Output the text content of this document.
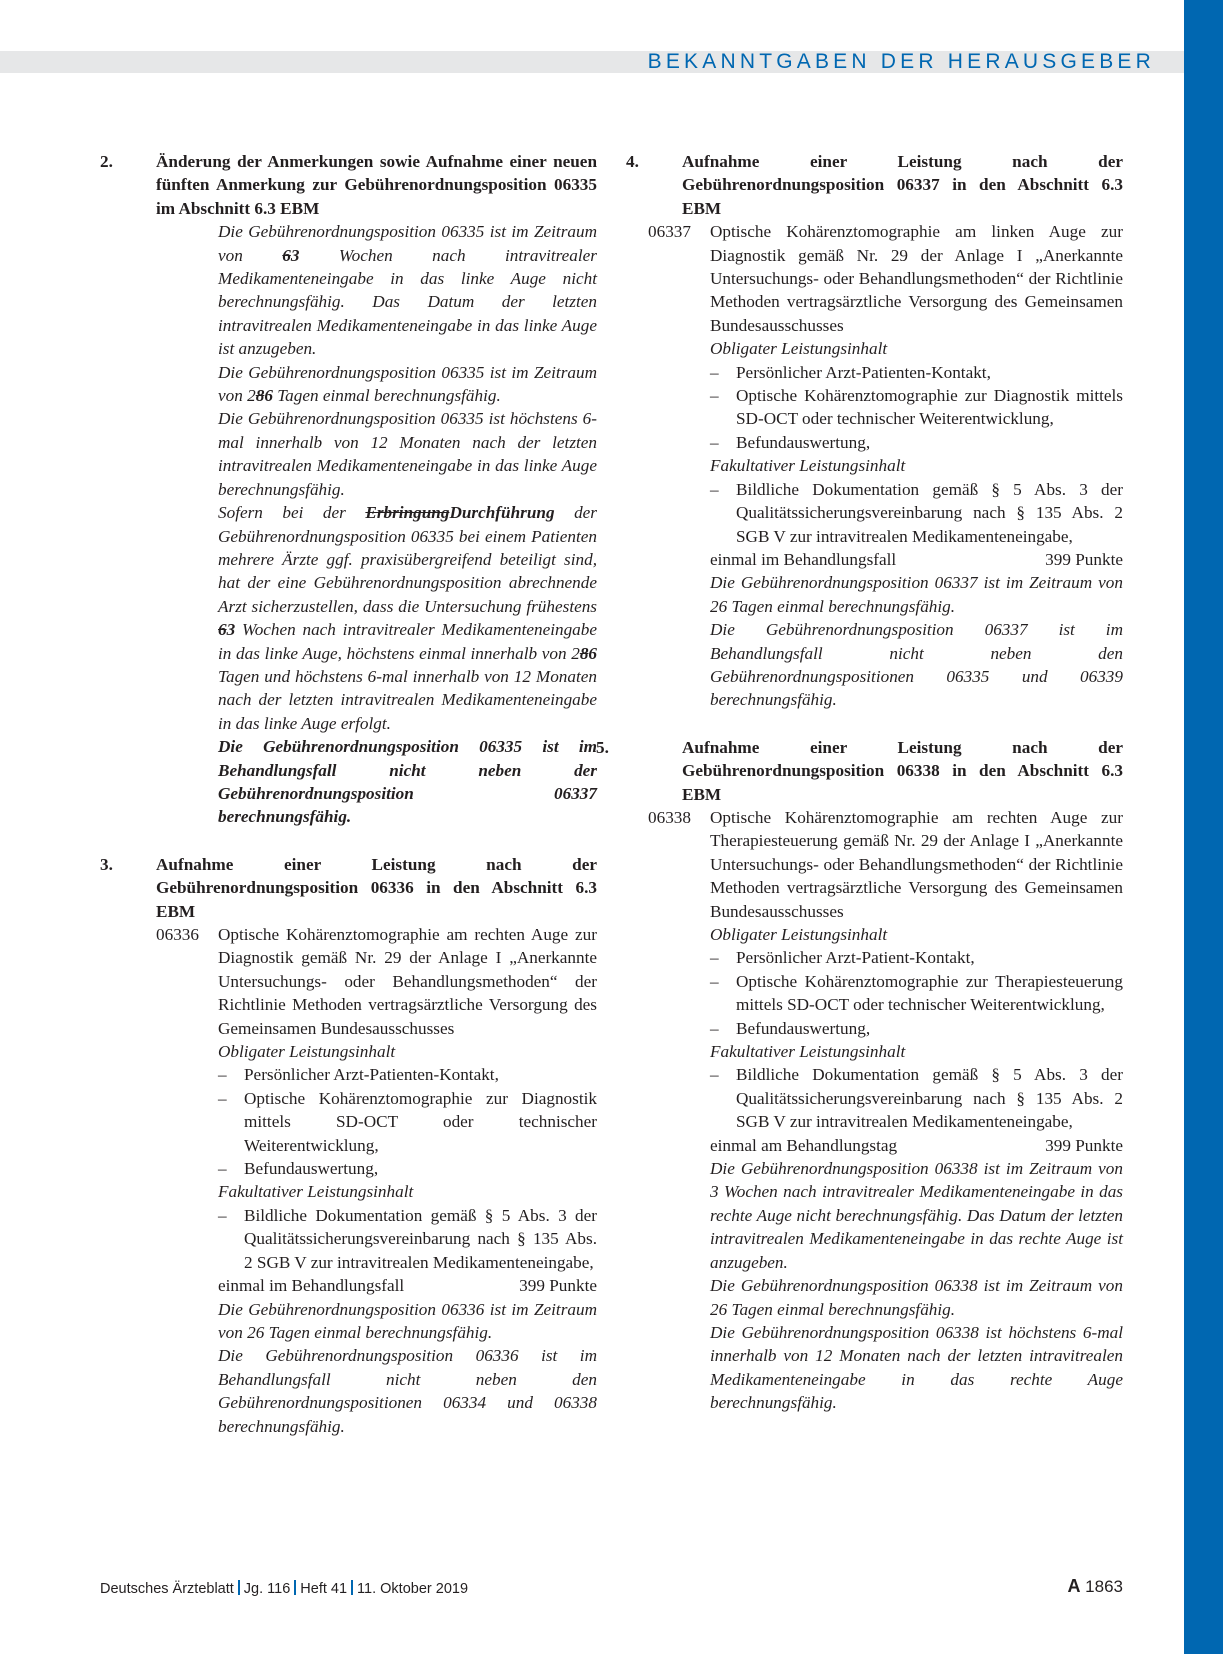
BEKANNTGABEN DER HERAUSGEBER
2.	Änderung der Anmerkungen sowie Aufnahme einer neuen fünften Anmerkung zur Gebührenordnungsposition 06335 im Abschnitt 6.3 EBM
Die Gebührenordnungsposition 06335 ist im Zeitraum von 63 Wochen nach intravitrealer Medikamenteneingabe in das linke Auge nicht berechnungsfähig. Das Datum der letzten intravitrealen Medikamenteneingabe in das linke Auge ist anzugeben.
Die Gebührenordnungsposition 06335 ist im Zeitraum von 286 Tagen einmal berechnungsfähig.
Die Gebührenordnungsposition 06335 ist höchstens 6-mal innerhalb von 12 Monaten nach der letzten intravitrealen Medikamenteneingabe in das linke Auge berechnungsfähig.
Sofern bei der ErbringungDurchführung der Gebührenordnungsposition 06335 bei einem Patienten mehrere Ärzte ggf. praxisübergreifend beteiligt sind, hat der eine Gebührenordnungsposition abrechnende Arzt sicherzustellen, dass die Untersuchung frühestens 63 Wochen nach intravitrealer Medikamenteneingabe in das linke Auge, höchstens einmal innerhalb von 286 Tagen und höchstens 6-mal innerhalb von 12 Monaten nach der letzten intravitrealen Medikamenteneingabe in das linke Auge erfolgt.
Die Gebührenordnungsposition 06335 ist im Behandlungsfall nicht neben der Gebührenordnungsposition 06337 berechnungsfähig.
3.	Aufnahme einer Leistung nach der Gebührenordnungsposition 06336 in den Abschnitt 6.3 EBM
06336 Optische Kohärenztomographie am rechten Auge zur Diagnostik gemäß Nr. 29 der Anlage I „Anerkannte Untersuchungs- oder Behandlungsmethoden“ der Richtlinie Methoden vertragsärztliche Versorgung des Gemeinsamen Bundesausschusses
Obligater Leistungsinhalt
– Persönlicher Arzt-Patienten-Kontakt,
– Optische Kohärenztomographie zur Diagnostik mittels SD-OCT oder technischer Weiterentwicklung,
– Befundauswertung,
Fakultativer Leistungsinhalt
– Bildliche Dokumentation gemäß § 5 Abs. 3 der Qualitätssicherungsvereinbarung nach § 135 Abs. 2 SGB V zur intravitrealen Medikamenteneingabe,
einmal im Behandlungsfall	399 Punkte
Die Gebührenordnungsposition 06336 ist im Zeitraum von 26 Tagen einmal berechnungsfähig.
Die Gebührenordnungsposition 06336 ist im Behandlungsfall nicht neben den Gebührenordnungspositionen 06334 und 06338 berechnungsfähig.
4.	Aufnahme einer Leistung nach der Gebührenordnungsposition 06337 in den Abschnitt 6.3 EBM
06337 Optische Kohärenztomographie am linken Auge zur Diagnostik gemäß Nr. 29 der Anlage I „Anerkannte Untersuchungs- oder Behandlungsmethoden“ der Richtlinie Methoden vertragsärztliche Versorgung des Gemeinsamen Bundesausschusses
Obligater Leistungsinhalt
– Persönlicher Arzt-Patienten-Kontakt,
– Optische Kohärenztomographie zur Diagnostik mittels SD-OCT oder technischer Weiterentwicklung,
– Befundauswertung,
Fakultativer Leistungsinhalt
– Bildliche Dokumentation gemäß § 5 Abs. 3 der Qualitätssicherungsvereinbarung nach § 135 Abs. 2 SGB V zur intravitrealen Medikamenteneingabe,
einmal im Behandlungsfall	399 Punkte
Die Gebührenordnungsposition 06337 ist im Zeitraum von 26 Tagen einmal berechnungsfähig.
Die Gebührenordnungsposition 06337 ist im Behandlungsfall nicht neben den Gebührenordnungspositionen 06335 und 06339 berechnungsfähig.
5.	Aufnahme einer Leistung nach der Gebührenordnungsposition 06338 in den Abschnitt 6.3 EBM
06338 Optische Kohärenztomographie am rechten Auge zur Therapiesteuerung gemäß Nr. 29 der Anlage I „Anerkannte Untersuchungs- oder Behandlungsmethoden“ der Richtlinie Methoden vertragsärztliche Versorgung des Gemeinsamen Bundesausschusses
Obligater Leistungsinhalt
– Persönlicher Arzt-Patient-Kontakt,
– Optische Kohärenztomographie zur Therapiesteuerung mittels SD-OCT oder technischer Weiterentwicklung,
– Befundauswertung,
Fakultativer Leistungsinhalt
– Bildliche Dokumentation gemäß § 5 Abs. 3 der Qualitätssicherungsvereinbarung nach § 135 Abs. 2 SGB V zur intravitrealen Medikamenteneingabe,
einmal am Behandlungstag	399 Punkte
Die Gebührenordnungsposition 06338 ist im Zeitraum von 3 Wochen nach intravitrealer Medikamenteneingabe in das rechte Auge nicht berechnungsfähig. Das Datum der letzten intravitrealen Medikamenteneingabe in das rechte Auge ist anzugeben.
Die Gebührenordnungsposition 06338 ist im Zeitraum von 26 Tagen einmal berechnungsfähig.
Die Gebührenordnungsposition 06338 ist höchstens 6-mal innerhalb von 12 Monaten nach der letzten intravitrealen Medikamenteneingabe in das rechte Auge berechnungsfähig.
Deutsches Ärzteblatt Jg. 116 Heft 41 11. Oktober 2019	A 1863
